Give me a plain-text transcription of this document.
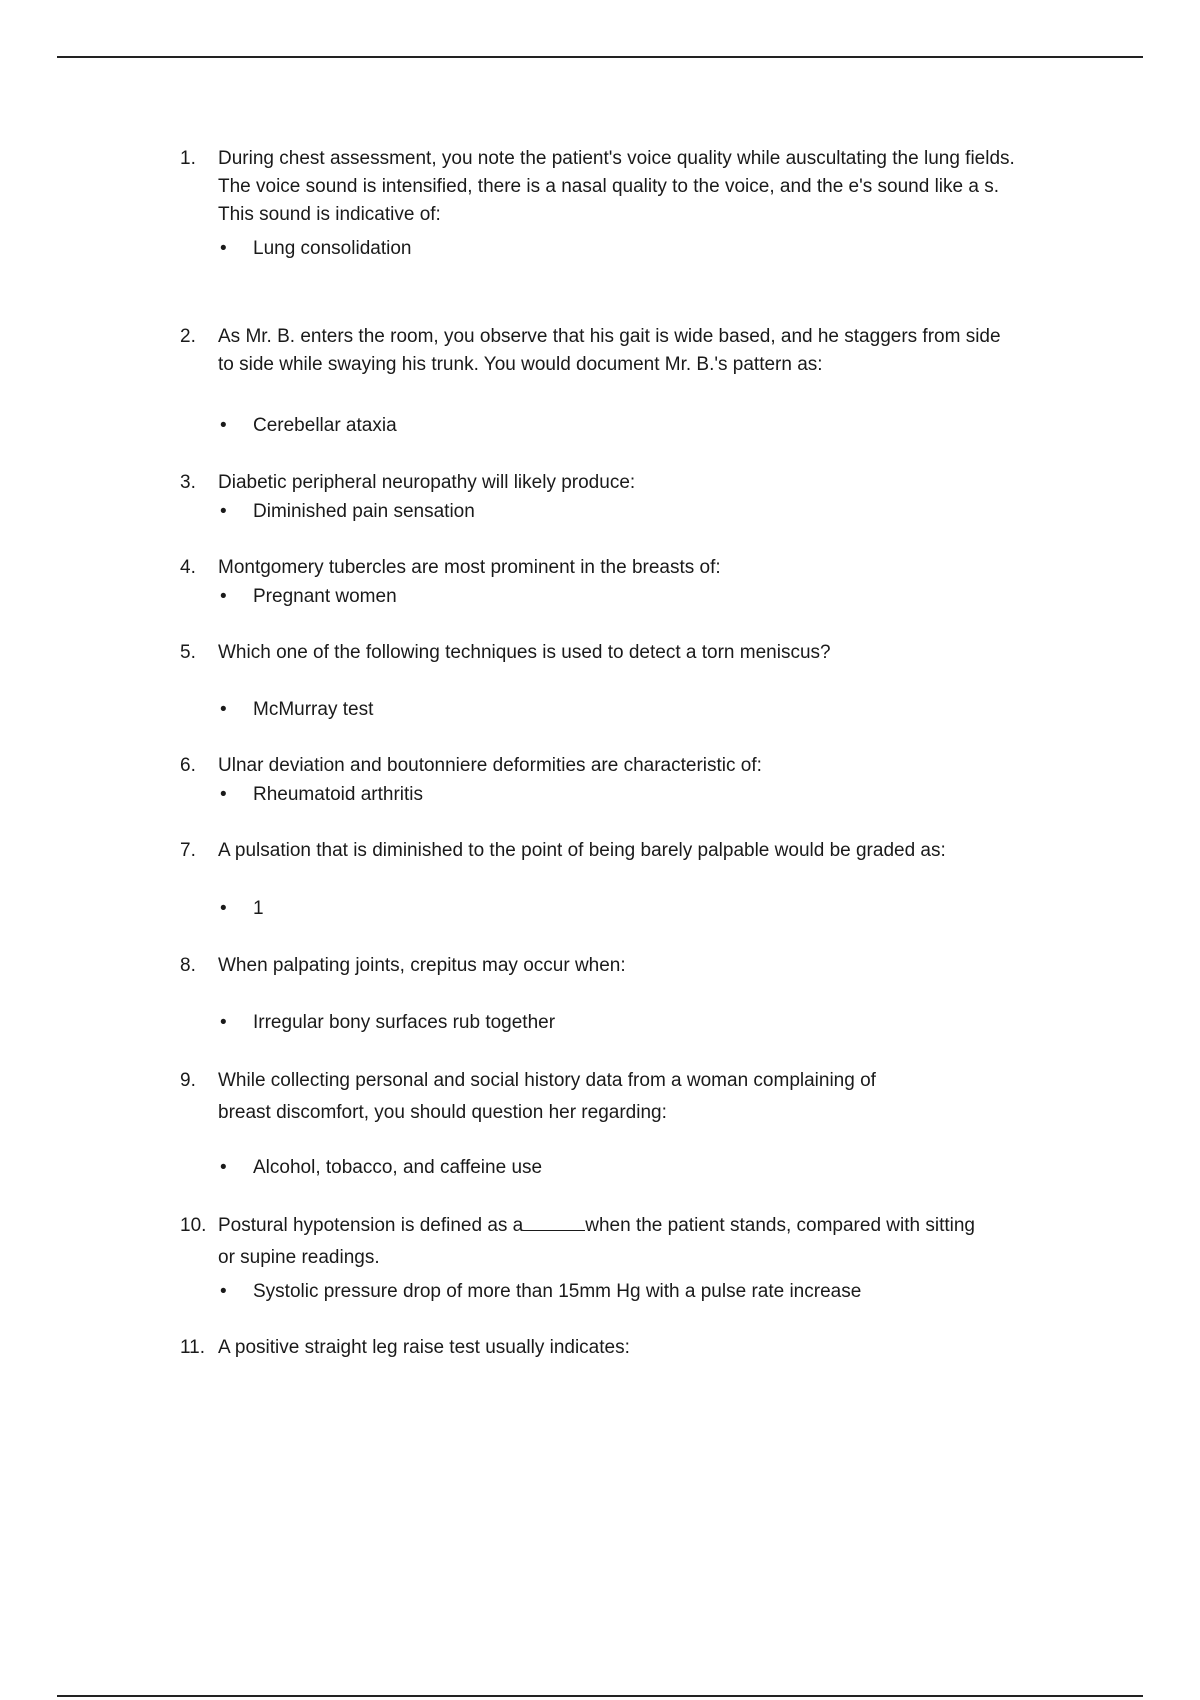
1.	During chest assessment, you note the patient's voice quality while auscultating the lung fields.
The voice sound is intensified, there is a nasal quality to the voice, and the e's sound like a s.
This sound is indicative of:
• Lung consolidation
2.	As Mr. B. enters the room, you observe that his gait is wide based, and he staggers from side
to side while swaying his trunk. You would document Mr. B.'s pattern as:
• Cerebellar ataxia
3.	Diabetic peripheral neuropathy will likely produce:
• Diminished pain sensation
4.	Montgomery tubercles are most prominent in the breasts of:
• Pregnant women
5.	Which one of the following techniques is used to detect a torn meniscus?
• McMurray test
6.	Ulnar deviation and boutonniere deformities are characteristic of:
• Rheumatoid arthritis
7.	A pulsation that is diminished to the point of being barely palpable would be graded as:
• 1
8.	When palpating joints, crepitus may occur when:
• Irregular bony surfaces rub together
9.	While collecting personal and social history data from a woman complaining of
breast discomfort, you should question her regarding:
• Alcohol, tobacco, and caffeine use
10. Postural hypotension is defined as a	when the patient stands, compared with sitting
or supine readings.
• Systolic pressure drop of more than 15mm Hg with a pulse rate increase
11. A positive straight leg raise test usually indicates:
